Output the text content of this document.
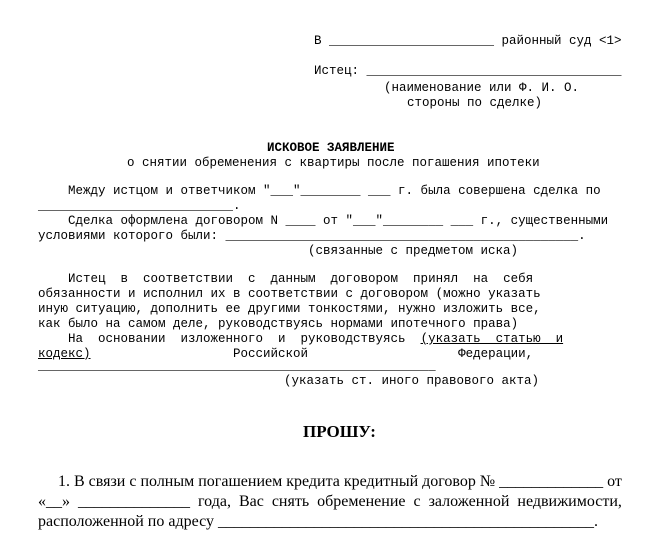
В ______________________ районный суд <1>
Истец: __________________________________
(наименование или Ф. И. О.
стороны по сделке)
ИСКОВОЕ ЗАЯВЛЕНИЕ
о снятии обременения с квартиры после погашения ипотеки
Между истцом и ответчиком "___"________ ___ г. была совершена сделка по
__________________________.
Сделка оформлена договором N ____ от "___"________ ___ г., существенными
условиями которого были: _______________________________________________.
(связанные с предметом иска)
Истец  в  соответствии  с  данным  договором  принял  на  себя
обязанности и исполнил их в соответствии с договором (можно указать
иную ситуацию, дополнить ее другими тонкостями, нужно изложить все,
как было на самом деле, руководствуясь нормами ипотечного права)
На  основании  изложенного  и  руководствуясь  (указать  статью  и
кодекс)                   Российской                    Федерации,
_____________________________________________________
(указать ст. иного правового акта)
ПРОШУ:
1. В связи с полным погашением кредита кредитный договор № _____________ от
«__»  ______________  года,  Вас  снять  обременение  с  заложенной  недвижимости,
расположенной по адресу _______________________________________________.
